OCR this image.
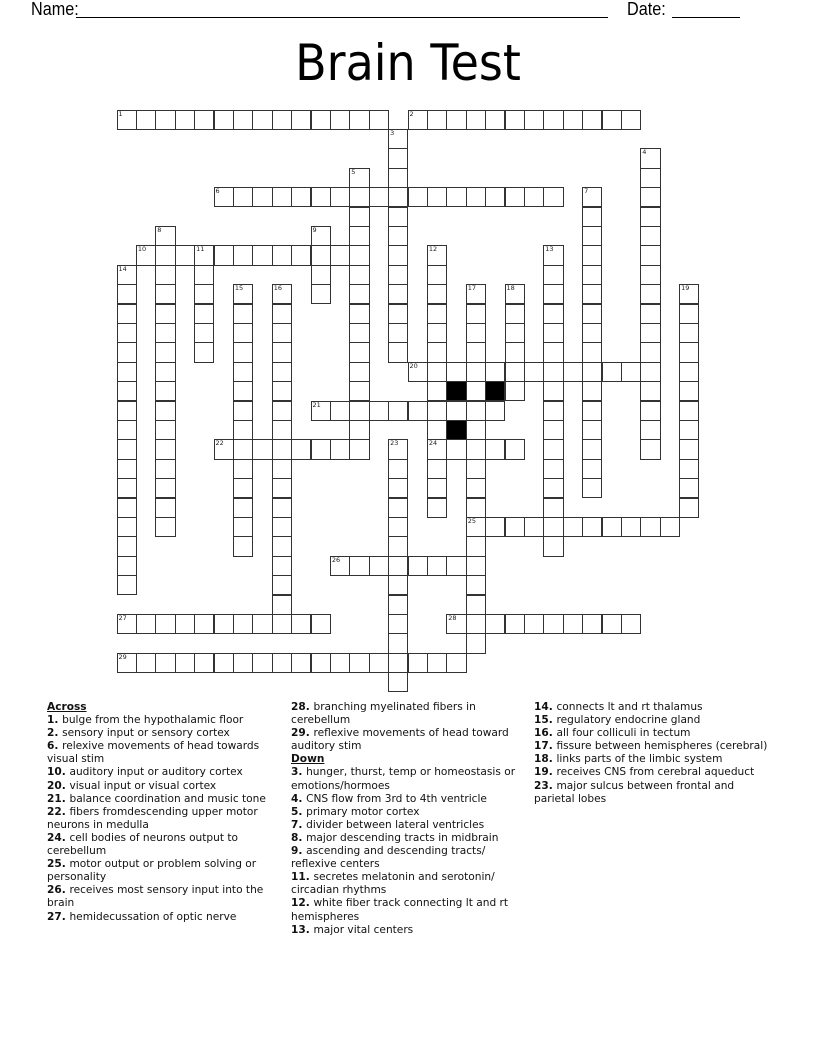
Name:	Date:
Brain Test
1	2
3
4
5
6	7
8	9
10	11	12
24
13
14
15	16	17
25
18	19
20
21
22	23
26
27	28
29
Across
1. bulge from the hypothalamic floor
2. sensory input or sensory cortex
6. relexive movements of head towards visual stim
10. auditory input or auditory cortex
20. visual input or visual cortex
21. balance coordination and music tone
22. fibers fromdescending upper motor neurons in medulla
24. cell bodies of neurons output to cerebellum
25. motor output or problem solving or personality
26. receives most sensory input into the brain
27. hemidecussation of optic nerve
28. branching myelinated fibers in cerebellum
29. reflexive movements of head toward auditory stim
Down
3. hunger, thurst, temp or homeostasis or emotions/hormoes
4. CNS flow from 3rd to 4th ventricle
5. primary motor cortex
7. divider between lateral ventricles
8. major descending tracts in midbrain
9. ascending and descending tracts/ reflexive centers
11. secretes melatonin and serotonin/ circadian rhythms
12. white fiber track connecting lt and rt hemispheres
13. major vital centers
14. connects lt and rt thalamus
15. regulatory endocrine gland
16. all four colliculi in tectum
17. fissure between hemispheres (cerebral)
18. links parts of the limbic system
19. receives CNS from cerebral aqueduct
23. major sulcus between frontal and parietal lobes
